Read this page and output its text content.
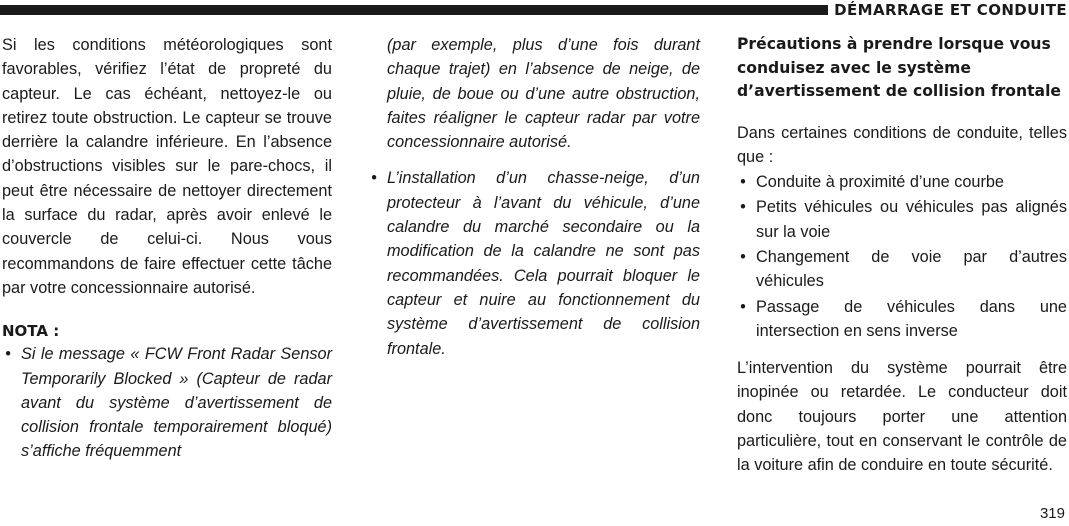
DÉMARRAGE ET CONDUITE

Si les conditions météorologiques sont favorables, vérifiez l’état de propreté du capteur. Le cas échéant, nettoyez-le ou retirez toute obstruction. Le capteur se trouve derrière la calandre inférieure. En l’absence d’obstructions visibles sur le pare-chocs, il peut être nécessaire de nettoyer directement la surface du radar, après avoir enlevé le couvercle de celui-ci. Nous vous recommandons de faire effectuer cette tâche par votre concessionnaire autorisé.

NOTA :

• Si le message « FCW Front Radar Sensor Temporarily Blocked » (Capteur de radar avant du système d’avertissement de collision frontale temporairement bloqué) s’affiche fréquemment
(par exemple, plus d’une fois durant chaque trajet) en l’absence de neige, de pluie, de boue ou d’une autre obstruction, faites réaligner le capteur radar par votre concessionnaire autorisé.
• L’installation d’un chasse-neige, d’un protecteur à l’avant du véhicule, d’une calandre du marché secondaire ou la modification de la calandre ne sont pas recommandées. Cela pourrait bloquer le capteur et nuire au fonctionnement du système d’avertissement de collision frontale.

Précautions à prendre lorsque vous conduisez avec le système d’avertissement de collision frontale

Dans certaines conditions de conduite, telles que :

• Conduite à proximité d’une courbe
• Petits véhicules ou véhicules pas alignés sur la voie
• Changement de voie par d’autres véhicules
• Passage de véhicules dans une intersection en sens inverse

L’intervention du système pourrait être inopinée ou retardée. Le conducteur doit donc toujours porter une attention particulière, tout en conservant le contrôle de la voiture afin de conduire en toute sécurité.

319
